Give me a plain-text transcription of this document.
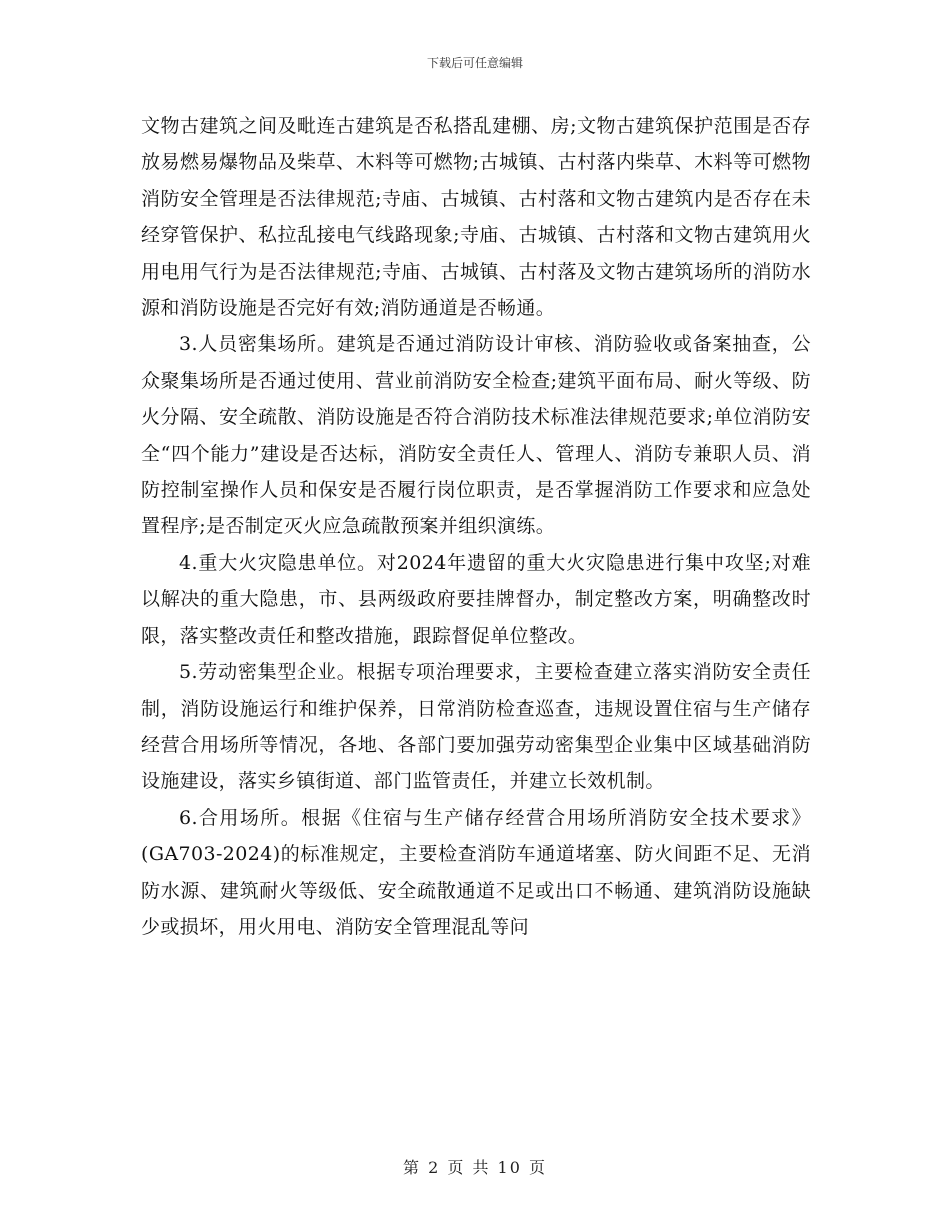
下载后可任意编辑

文物古建筑之间及毗连古建筑是否私搭乱建棚、房;文物古建筑保护范围是否存放易燃易爆物品及柴草、木料等可燃物;古城镇、古村落内柴草、木料等可燃物消防安全管理是否法律规范;寺庙、古城镇、古村落和文物古建筑内是否存在未经穿管保护、私拉乱接电气线路现象;寺庙、古城镇、古村落和文物古建筑用火用电用气行为是否法律规范;寺庙、古城镇、古村落及文物古建筑场所的消防水源和消防设施是否完好有效;消防通道是否畅通。

3.人员密集场所。建筑是否通过消防设计审核、消防验收或备案抽查，公众聚集场所是否通过使用、营业前消防安全检查;建筑平面布局、耐火等级、防火分隔、安全疏散、消防设施是否符合消防技术标准法律规范要求;单位消防安全“四个能力”建设是否达标，消防安全责任人、管理人、消防专兼职人员、消防控制室操作人员和保安是否履行岗位职责，是否掌握消防工作要求和应急处置程序;是否制定灭火应急疏散预案并组织演练。

4.重大火灾隐患单位。对2024年遗留的重大火灾隐患进行集中攻坚;对难以解决的重大隐患，市、县两级政府要挂牌督办，制定整改方案，明确整改时限，落实整改责任和整改措施，跟踪督促单位整改。

5.劳动密集型企业。根据专项治理要求，主要检查建立落实消防安全责任制，消防设施运行和维护保养，日常消防检查巡查，违规设置住宿与生产储存经营合用场所等情况，各地、各部门要加强劳动密集型企业集中区域基础消防设施建设，落实乡镇街道、部门监管责任，并建立长效机制。

6.合用场所。根据《住宿与生产储存经营合用场所消防安全技术要求》(GA703-2024)的标准规定，主要检查消防车通道堵塞、防火间距不足、无消防水源、建筑耐火等级低、安全疏散通道不足或出口不畅通、建筑消防设施缺少或损坏，用火用电、消防安全管理混乱等问

第 2 页 共 10 页
